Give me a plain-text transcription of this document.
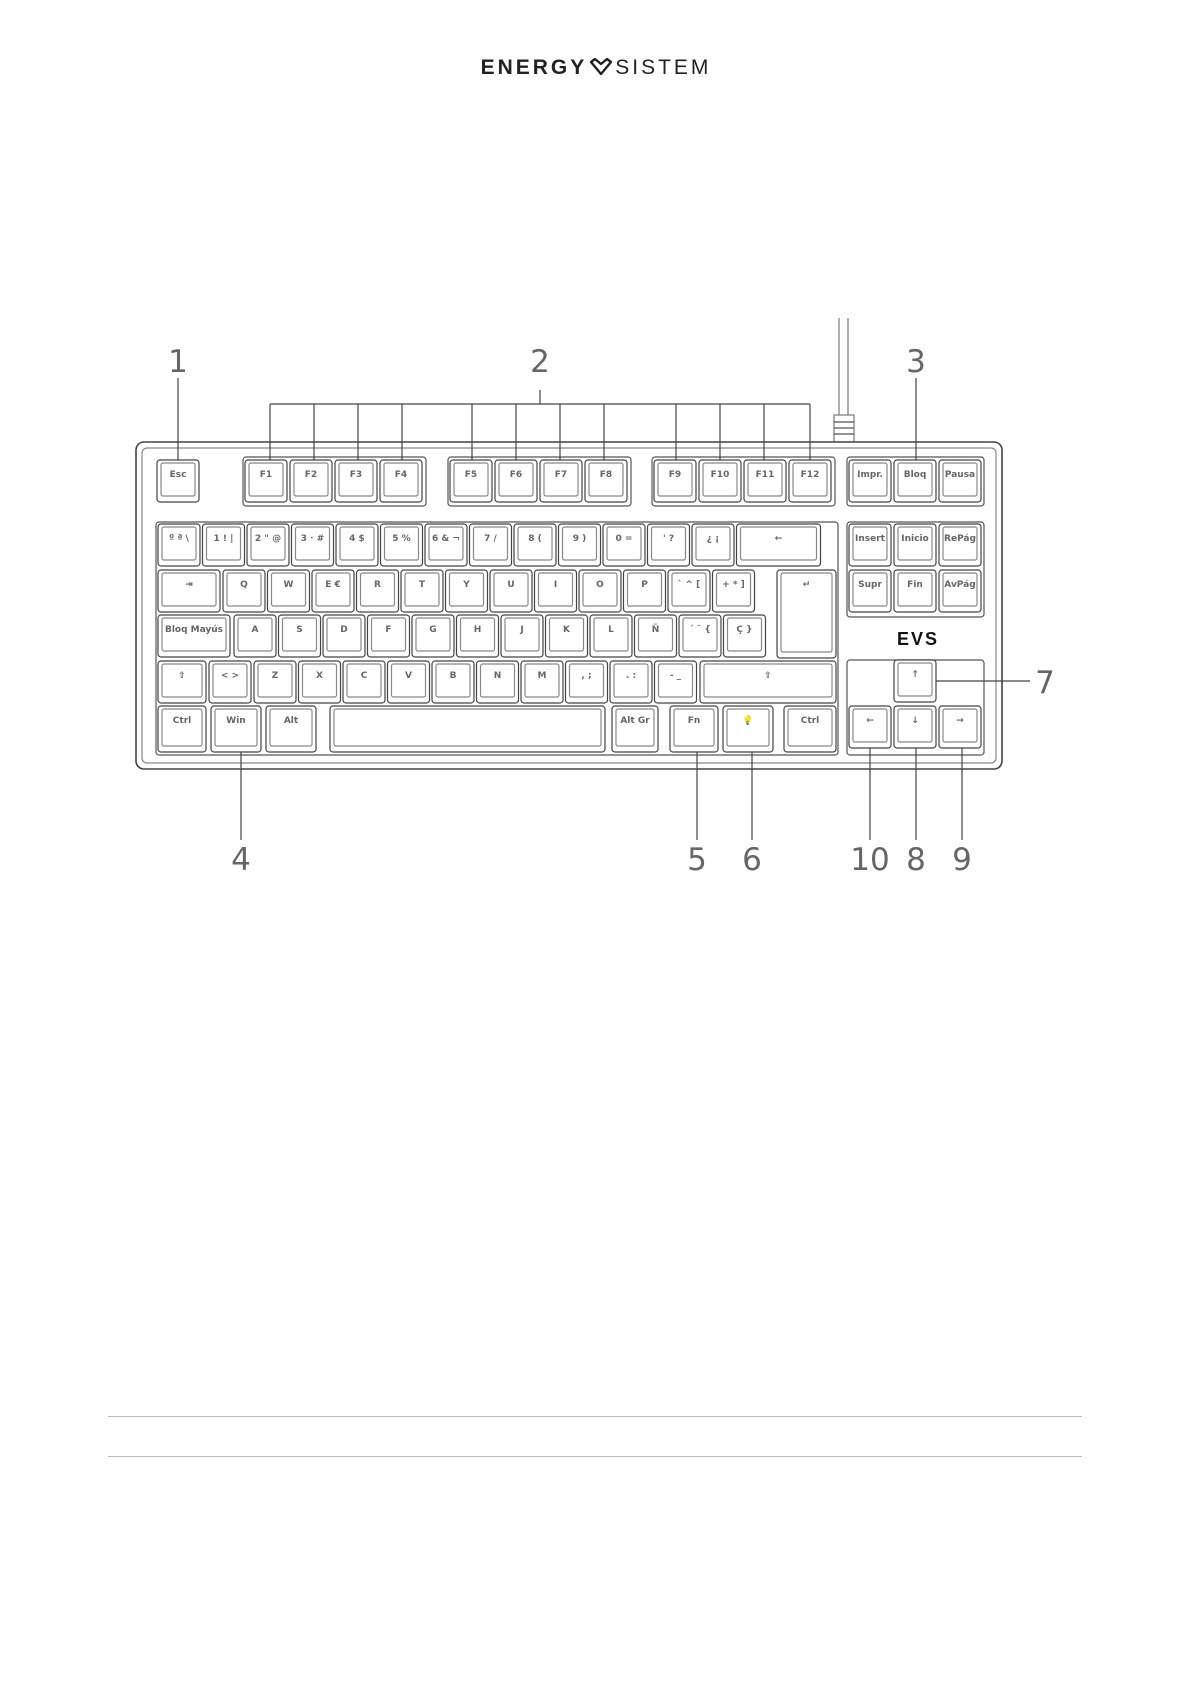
ENERGY SISTEM
Esc	F1	F2	F3	F4	F5	F6	F7	F8	F9	F10	F11	F12	Impr. Bloq Pausa
º ª \	1 ! | 2 " @ 3 · #	4 $	5 % 6 & ¬	7 /	8 (	9 )	0 =	' ?	¿ ¡	←	Insert Inicio RePág
⇥	Q	W	E €	R	T	Y	U	I	O	P	` ^ [ + * ]	↵	Supr	Fin AvPág
Bloq Mayús	A	S	D	F	G	H	J	K	L	Ñ	´ ¨ {	Ç }
⇧	< >	Z	X	C	V	B	N	M	, ;	. :	- _	⇧
Ctrl	Win	Alt	Alt Gr	Fn	💡	Ctrl
↑
←	↓	→
EVS
1	2	3
4	5 6
7
8 9
10
